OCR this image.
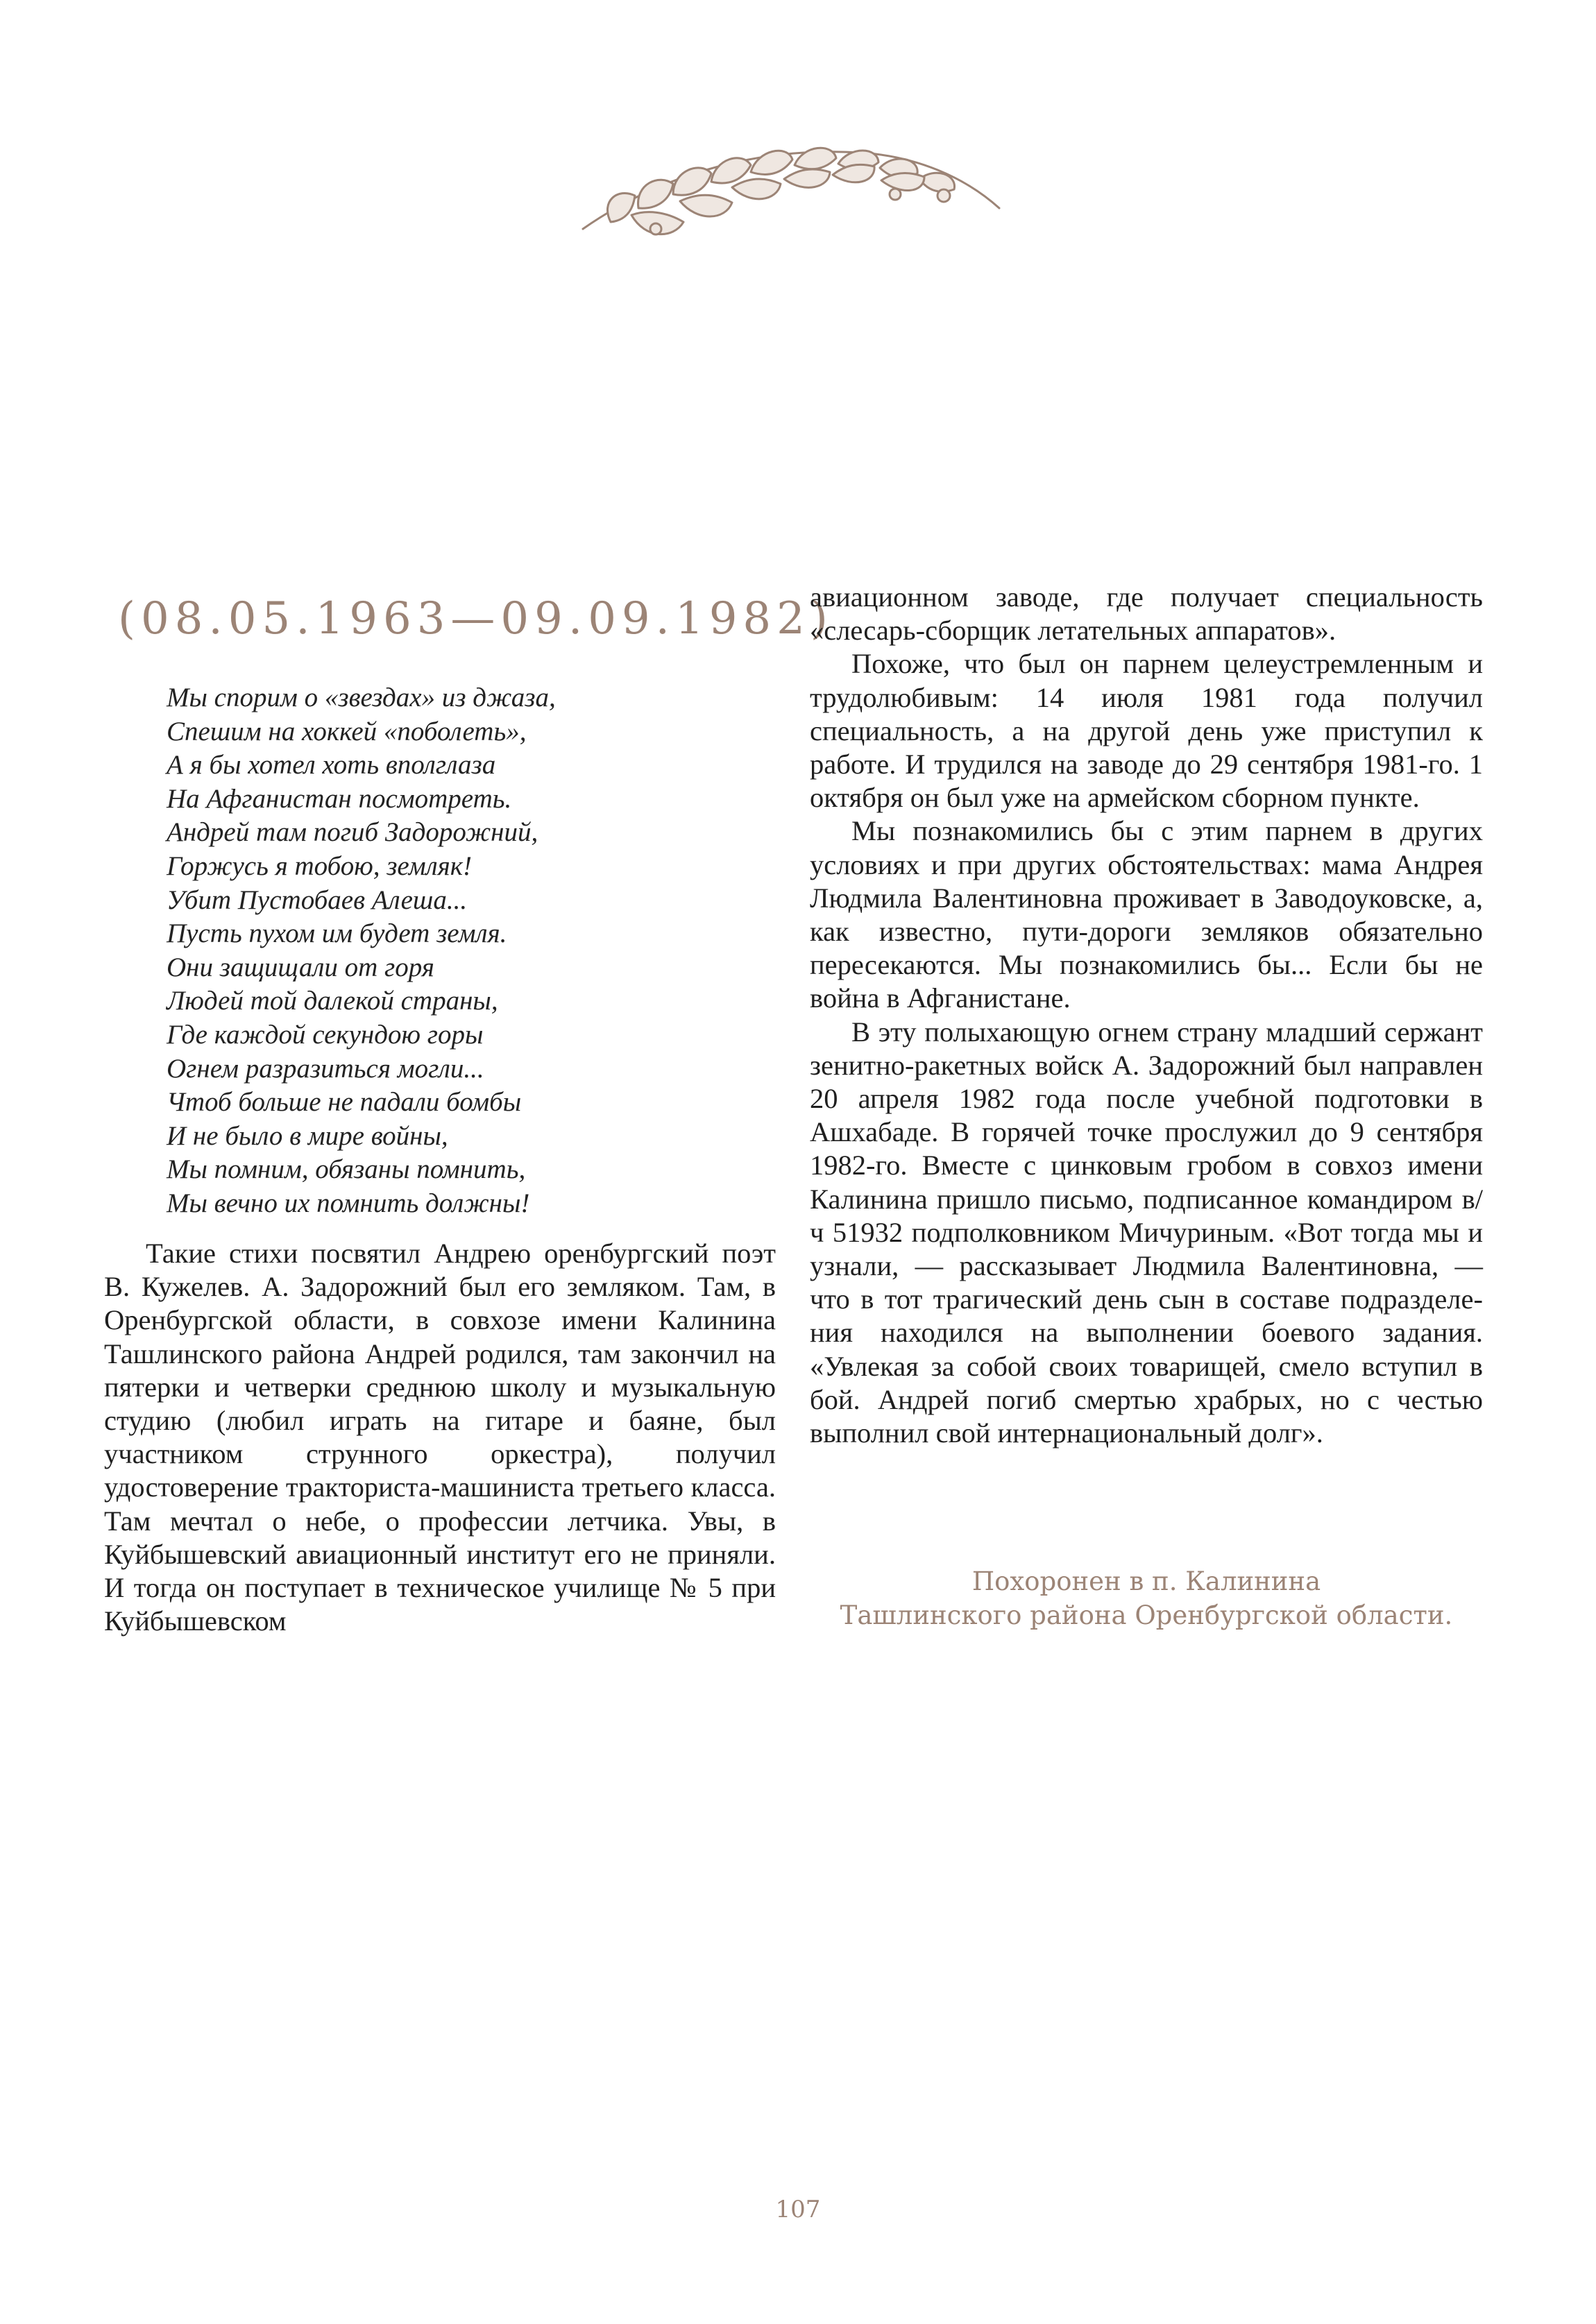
(08.05.1963—09.09.1982)
Мы спорим о «звездах» из джаза,
Спешим на хоккей «поболеть»,
А я бы хотел хоть вполглаза
На Афганистан посмотреть.
Андрей там погиб Задорожний,
Горжусь я тобою, земляк!
Убит Пустобаев Алеша...
Пусть пухом им будет земля.
Они защищали от горя
Людей той далекой страны,
Где каждой секундою горы
Огнем разразиться могли...
Чтоб больше не падали бомбы
И не было в мире войны,
Мы помним, обязаны помнить,
Мы вечно их помнить должны!

Такие стихи посвятил Андрею оренбургский поэт В. Кужелев. А. Задорожний был его земляком. Там, в Оренбургской области, в совхозе имени Калинина Ташлинского района Андрей родился, там закончил на пятерки и четверки среднюю школу и музыкальную студию (любил играть на гитаре и баяне, был участником струнного оркестра), получил удостоверение тракториста-машиниста третьего класса. Там мечтал о небе, о профессии летчика. Увы, в Куйбышевский авиационный институт его не приняли. И тогда он поступает в техническое училище № 5 при Куйбышевском

авиационном заводе, где получает специальность «слесарь-сборщик летательных аппаратов».

Похоже, что был он парнем целеустремленным и трудолюбивым: 14 июля 1981 года получил специальность, а на другой день уже приступил к работе. И трудился на заводе до 29 сентября 1981-го. 1 октября он был уже на армейском сборном пункте.

Мы познакомились бы с этим парнем в других условиях и при других обстоятельствах: мама Андрея Людмила Валентиновна проживает в Заводоуковске, а, как известно, пути-дороги земляков обязательно пересекаются. Мы познакомились бы... Если бы не война в Афганистане.

В эту полыхающую огнем страну младший сержант зенитно-ракетных войск А. Задорожний был направлен 20 апреля 1982 года после учебной подготовки в Ашхабаде. В горячей точке прослужил до 9 сентября 1982-го. Вместе с цинковым гробом в совхоз имени Калинина пришло письмо, подписанное командиром в/ч 51932 подполковником Мичуриным. «Вот тогда мы и узнали, — рассказывает Людмила Валентиновна, — что в тот трагический день сын в составе подразделения находился на выполнении боевого задания. «Увлекая за собой своих товарищей, смело вступил в бой. Андрей погиб смертью храбрых, но с честью выполнил свой интернациональный долг».

Похоронен в п. Калинина
Ташлинского района Оренбургской области.
107
